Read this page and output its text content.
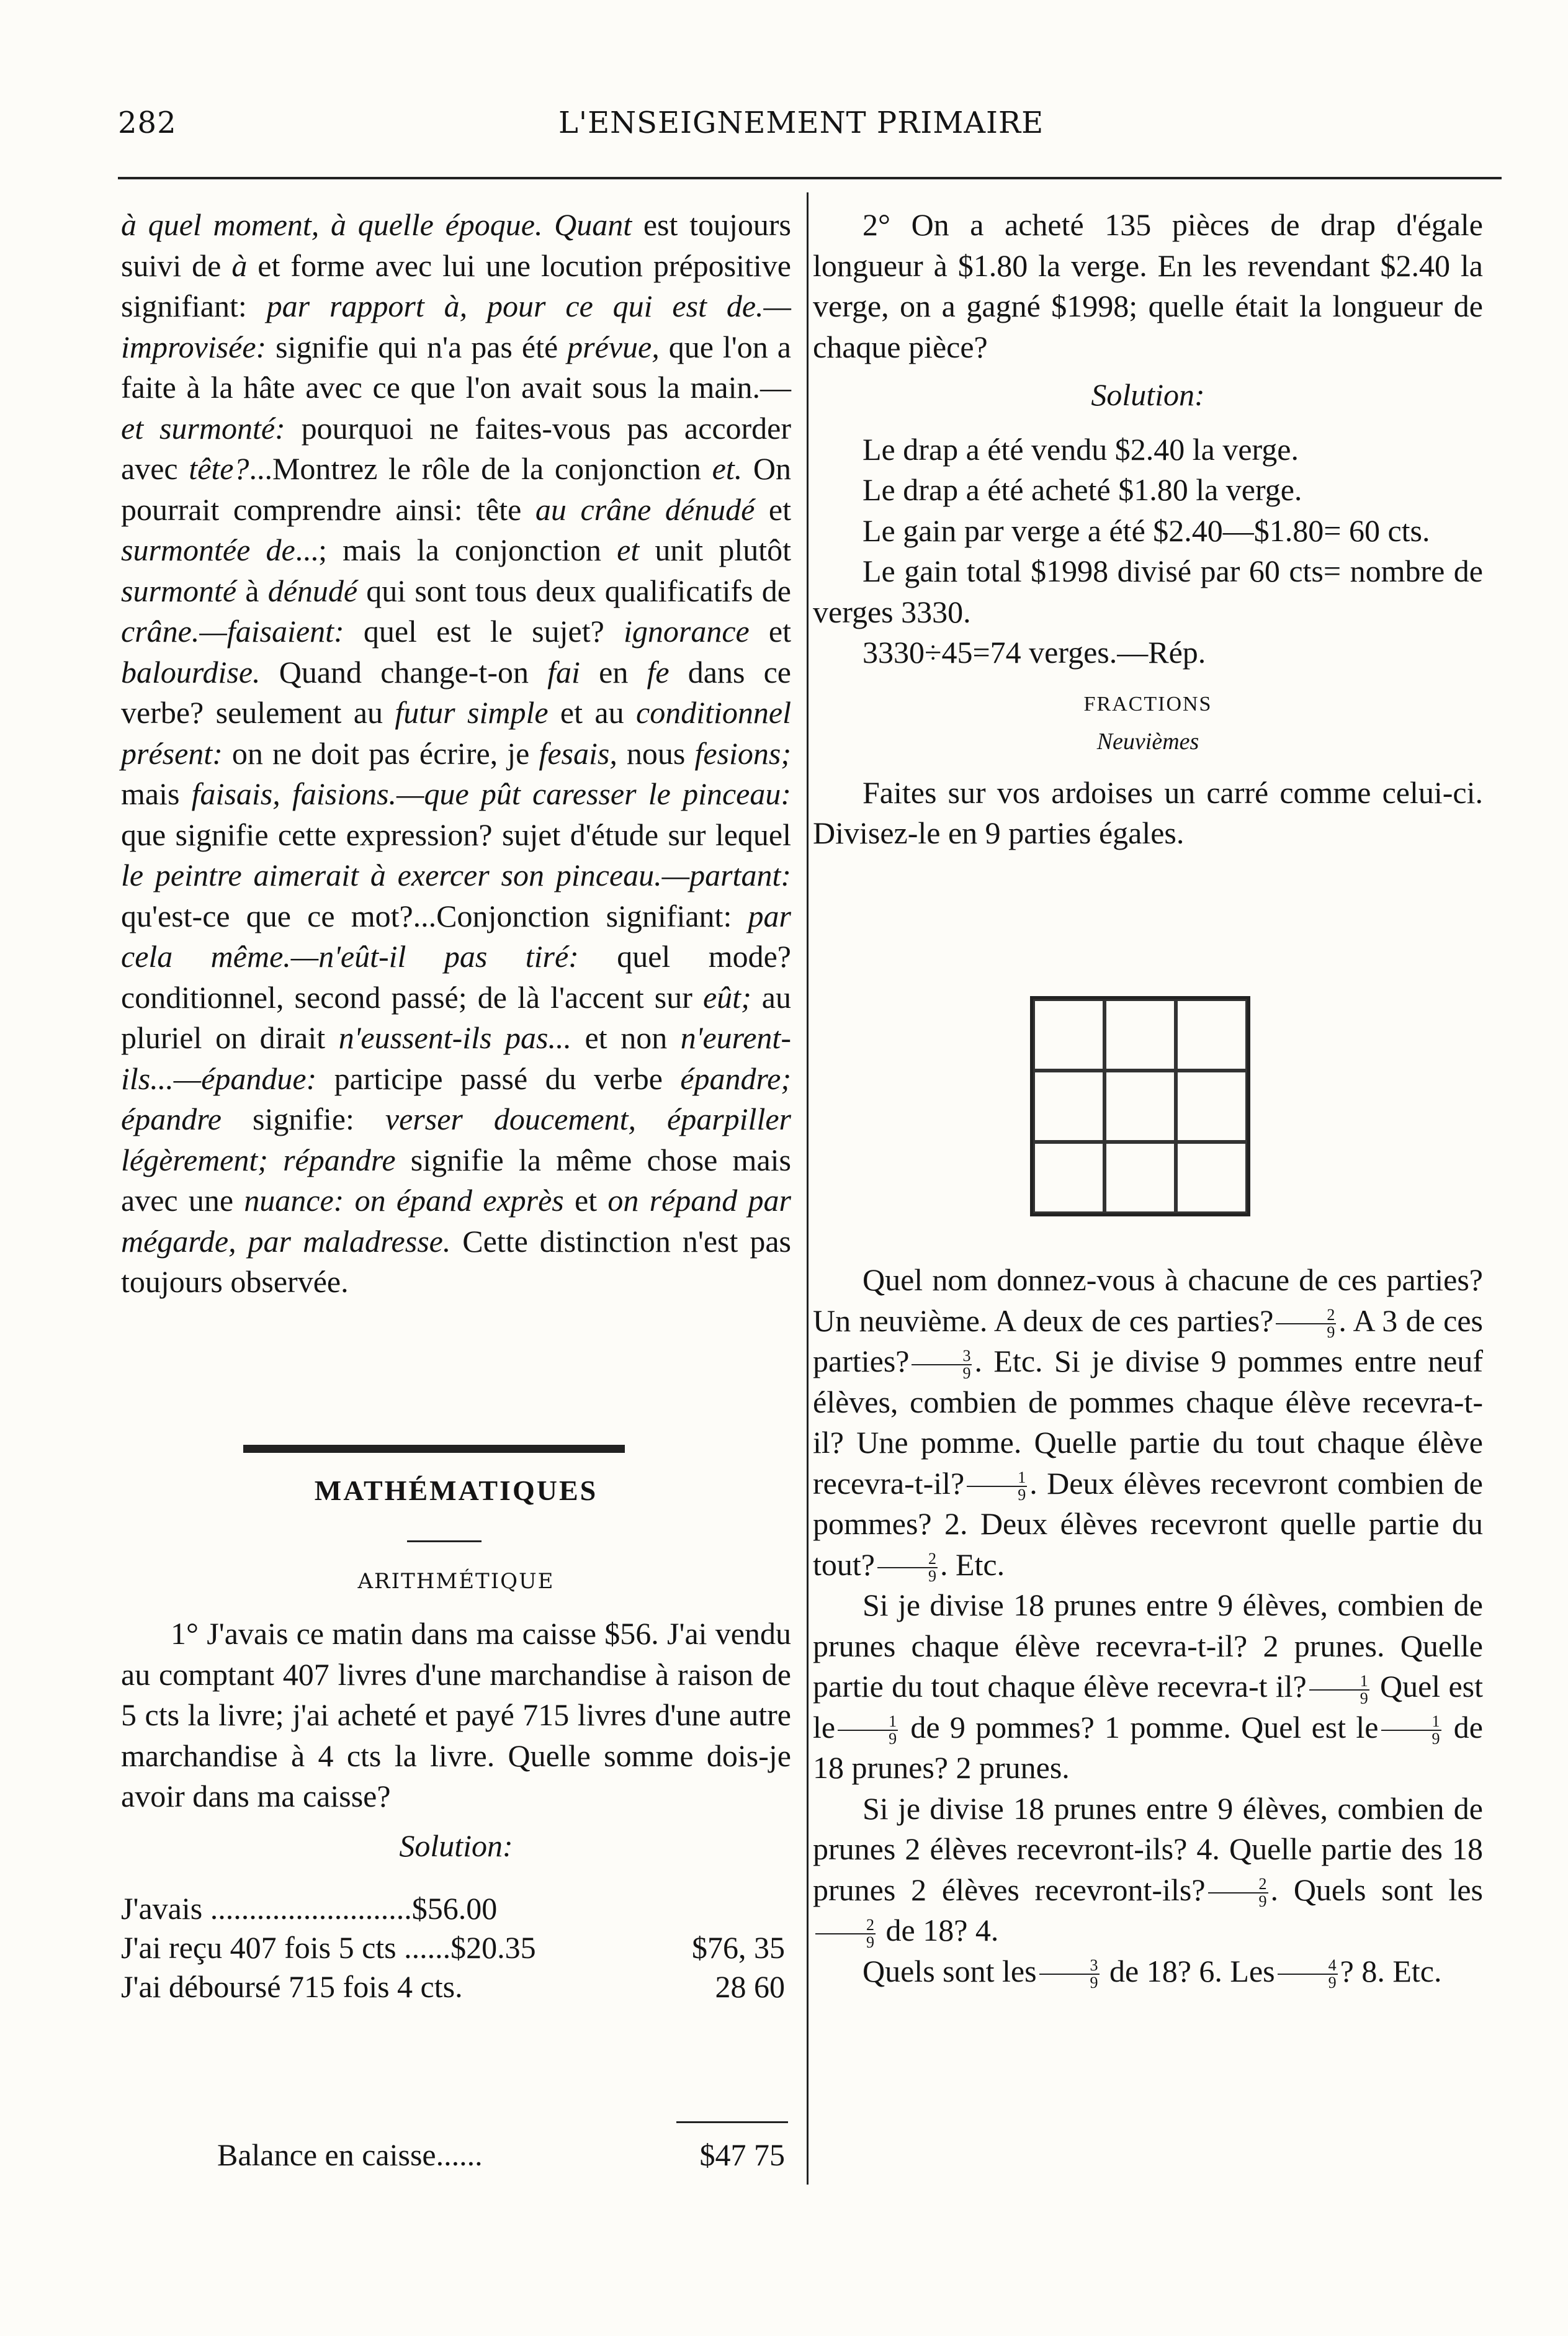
282	L'ENSEIGNEMENT PRIMAIRE

à quel moment, à quelle époque. Quant est toujours suivi de à et forme avec lui une locution prépositive signifiant: par rapport à, pour ce qui est de.—improvisée: signifie qui n'a pas été prévue, que l'on a faite à la hâte avec ce que l'on avait sous la main.— et surmonté: pourquoi ne faites-vous pas accorder avec tête?...Montrez le rôle de la conjonction et. On pourrait comprendre ainsi: tête au crâne dénudé et surmontée de...; mais la conjonction et unit plutôt surmonté à dénudé qui sont tous deux qualificatifs de crâne.—faisaient: quel est le sujet? ignorance et balourdise. Quand change-t-on fai en fe dans ce verbe? seulement au futur simple et au conditionnel présent: on ne doit pas écrire, je fesais, nous fesions; mais faisais, faisions.—que pût caresser le pinceau: que signifie cette expression? sujet d'étude sur lequel le peintre aimerait à exercer son pinceau.—partant: qu'est-ce que ce mot?...Conjonction signifiant: par cela même.—n'eût-il pas tiré: quel mode? conditionnel, second passé; de là l'accent sur eût; au pluriel on dirait n'eussent-ils pas... et non n'eurent-ils...—épandue: participe passé du verbe épandre; épandre signifie: verser doucement, éparpiller légèrement; répandre signifie la même chose mais avec une nuance: on épand exprès et on répand par mégarde, par maladresse. Cette distinction n'est pas toujours observée.

MATHÉMATIQUES
ARITHMÉTIQUE

1° J'avais ce matin dans ma caisse $56. J'ai vendu au comptant 407 livres d'une marchandise à raison de 5 cts la livre; j'ai acheté et payé 715 livres d'une autre marchandise à 4 cts la livre. Quelle somme dois-je avoir dans ma caisse?

Solution:

J'avais ..........................$56.00
J'ai reçu 407 fois 5 cts ......$20.35	$76, 35
J'ai déboursé 715 fois 4 cts.	28 60
Balance en caisse......	$47 75

2° On a acheté 135 pièces de drap d'égale longueur à $1.80 la verge. En les revendant $2.40 la verge, on a gagné $1998; quelle était la longueur de chaque pièce?

Solution:

Le drap a été vendu $2.40 la verge.

Le drap a été acheté $1.80 la verge.

Le gain par verge a été $2.40—$1.80= 60 cts.

Le gain total $1998 divisé par 60 cts= nombre de verges 3330.

3330÷45=74 verges.—Rép.

FRACTIONS

Neuvièmes

Faites sur vos ardoises un carré comme celui-ci. Divisez-le en 9 parties égales.

Quel nom donnez-vous à chacune de ces parties? Un neuvième. A deux de ces parties? $\frac{2}{9}$ . A 3 de ces parties? $\frac{3}{9}$ . Etc. Si je divise 9 pommes entre neuf élèves, combien de pommes chaque élève recevra-t-il? Une pomme. Quelle partie du tout chaque élève recevra-t-il? $\frac{1}{9}$ . Deux élèves recevront combien de pommes? 2. Deux élèves recevront quelle partie du tout? $\frac{2}{9}$ . Etc.

Si je divise 18 prunes entre 9 élèves, combien de prunes chaque élève recevra-t-il? 2 prunes. Quelle partie du tout chaque élève recevra-t il? $\frac{1}{9}$ Quel est le $\frac{1}{9}$ de 9 pommes? 1 pomme. Quel est le $\frac{1}{9}$ de 18 prunes? 2 prunes.

Si je divise 18 prunes entre 9 élèves, combien de prunes 2 élèves recevront-ils? 4. Quelle partie des 18 prunes 2 élèves recevront-ils? $\frac{2}{9}$ . Quels sont les
$\frac{2}{9}$ de 18? 4.

Quels sont les $\frac{3}{9}$ de 18? 6. Les $\frac{4}{9}$ ? 8. Etc.
